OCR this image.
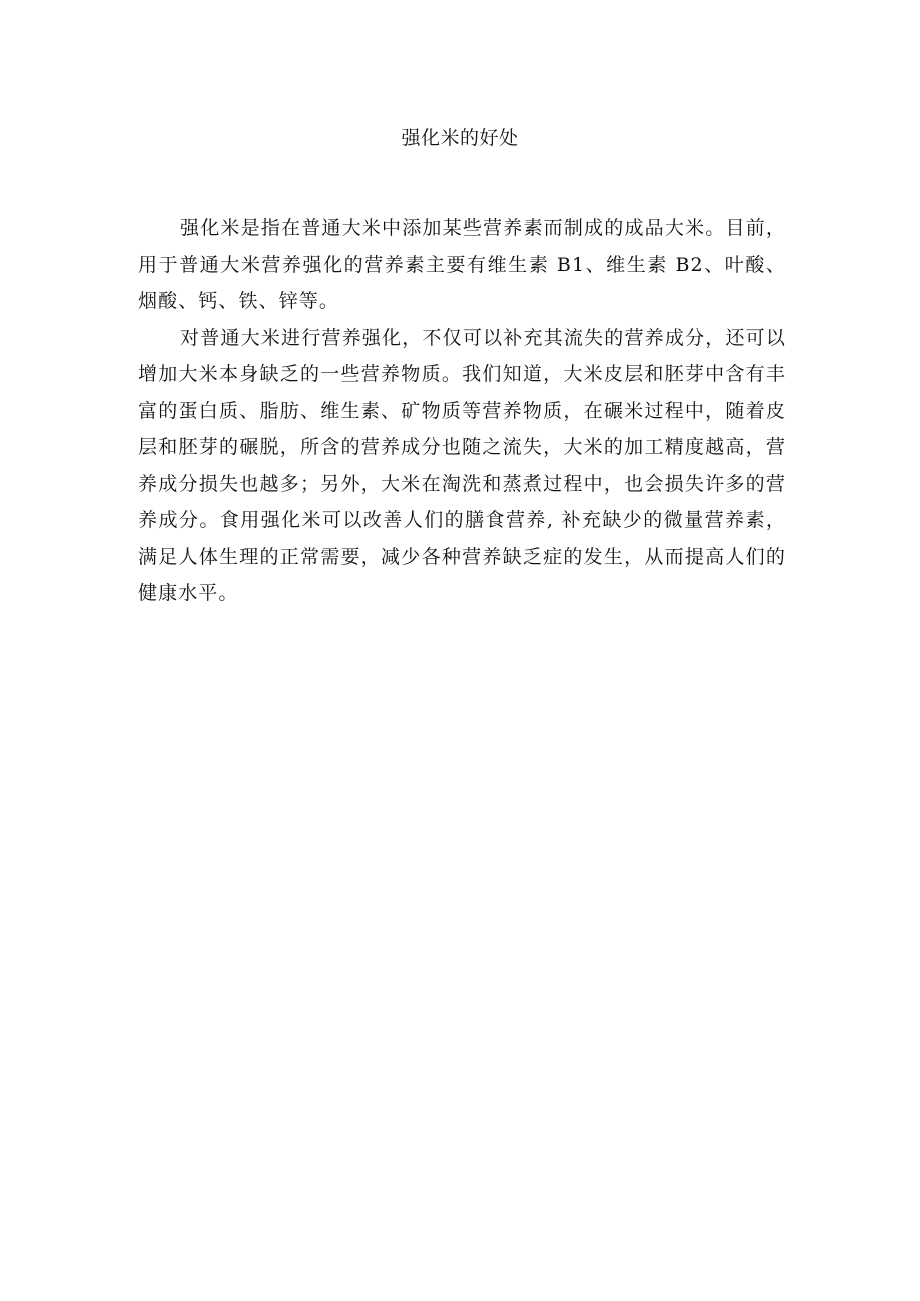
强化米的好处

强化米是指在普通大米中添加某些营养素而制成的成品大米。目前，用于普通大米营养强化的营养素主要有维生素 B1、维生素 B2、叶酸、烟酸、钙、铁、锌等。

对普通大米进行营养强化，不仅可以补充其流失的营养成分，还可以增加大米本身缺乏的一些营养物质。我们知道，大米皮层和胚芽中含有丰富的蛋白质、脂肪、维生素、矿物质等营养物质，在碾米过程中，随着皮层和胚芽的碾脱，所含的营养成分也随之流失，大米的加工精度越高，营养成分损失也越多；另外，大米在淘洗和蒸煮过程中，也会损失许多的营养成分。食用强化米可以改善人们的膳食营养, 补充缺少的微量营养素，满足人体生理的正常需要，减少各种营养缺乏症的发生，从而提高人们的健康水平。
